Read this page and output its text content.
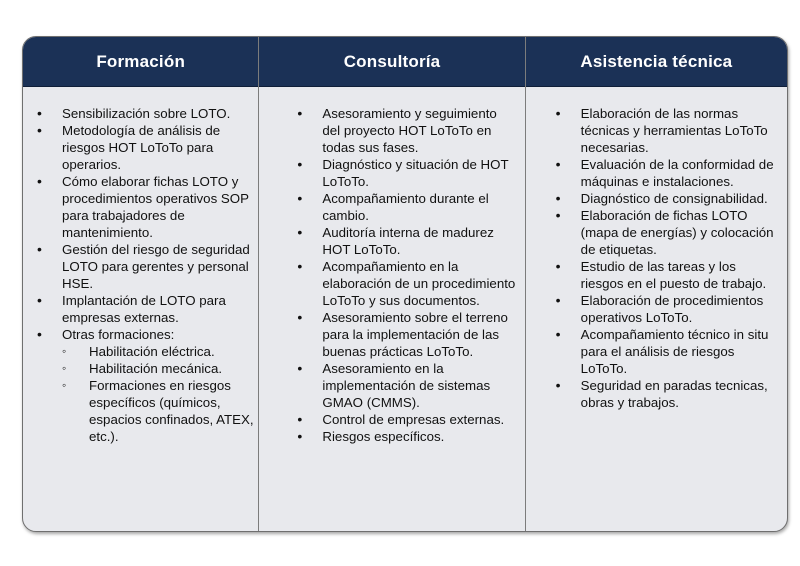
Formación
• Sensibilización sobre LOTO.
• Metodología de análisis de riesgos HOT LoToTo para operarios.
• Cómo elaborar fichas LOTO y procedimientos operativos SOP para trabajadores de mantenimiento.
• Gestión del riesgo de seguridad LOTO para gerentes y personal HSE.
• Implantación de LOTO para empresas externas.
• Otras formaciones:
◦ Habilitación eléctrica.
◦ Habilitación mecánica.
◦ Formaciones en riesgos específicos (químicos, espacios confinados, ATEX, etc.).
Consultoría
• Asesoramiento y seguimiento del proyecto HOT LoToTo en todas sus fases.
• Diagnóstico y situación de HOT LoToTo.
• Acompañamiento durante el cambio.
• Auditoría interna de madurez HOT LoToTo.
• Acompañamiento en la elaboración de un procedimiento LoToTo y sus documentos.
• Asesoramiento sobre el terreno para la implementación de las buenas prácticas LoToTo.
• Asesoramiento en la implementación de sistemas GMAO (CMMS).
• Control de empresas externas.
• Riesgos específicos.
Asistencia técnica
• Elaboración de las normas técnicas y herramientas LoToTo necesarias.
• Evaluación de la conformidad de máquinas e instalaciones.
• Diagnóstico de consignabilidad.
• Elaboración de fichas LOTO (mapa de energías) y colocación de etiquetas.
• Estudio de las tareas y los riesgos en el puesto de trabajo.
• Elaboración de procedimientos operativos LoToTo.
• Acompañamiento técnico in situ para el análisis de riesgos LoToTo.
• Seguridad en paradas tecnicas, obras y trabajos.
